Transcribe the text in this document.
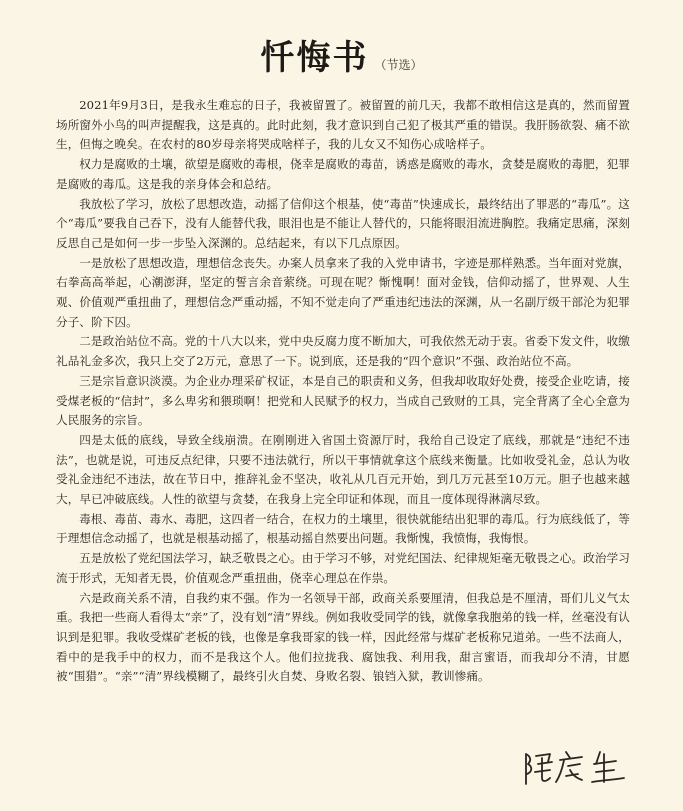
忏悔书 （节选）

2021年9月3日，是我永生难忘的日子，我被留置了。被留置的前几天，我都不敢相信这是真的，然而留置场所窗外小鸟的叫声提醒我，这是真的。此时此刻，我才意识到自己犯了极其严重的错误。我肝肠欲裂、痛不欲生，但悔之晚矣。在农村的80岁母亲将哭成啥样子，我的儿女又不知伤心成啥样子。

权力是腐败的土壤，欲望是腐败的毒根，侥幸是腐败的毒苗，诱惑是腐败的毒水，贪婪是腐败的毒肥，犯罪是腐败的毒瓜。这是我的亲身体会和总结。

我放松了学习，放松了思想改造，动摇了信仰这个根基，使“毒苗”快速成长，最终结出了罪恶的“毒瓜”。这个“毒瓜”要我自己吞下，没有人能替代我，眼泪也是不能让人替代的，只能将眼泪流进胸腔。我痛定思痛，深刻反思自己是如何一步一步坠入深渊的。总结起来，有以下几点原因。

一是放松了思想改造，理想信念丧失。办案人员拿来了我的入党申请书，字迹是那样熟悉。当年面对党旗，右拳高高举起，心潮澎湃，坚定的誓言余音萦绕。可现在呢？惭愧啊！面对金钱，信仰动摇了，世界观、人生观、价值观严重扭曲了，理想信念严重动摇，不知不觉走向了严重违纪违法的深渊，从一名副厅级干部沦为犯罪分子、阶下囚。

二是政治站位不高。党的十八大以来，党中央反腐力度不断加大，可我依然无动于衷。省委下发文件，收缴礼品礼金多次，我只上交了2万元，意思了一下。说到底，还是我的“四个意识”不强、政治站位不高。

三是宗旨意识淡漠。为企业办理采矿权证，本是自己的职责和义务，但我却收取好处费，接受企业吃请，接受煤老板的“信封”，多么卑劣和猥琐啊！把党和人民赋予的权力，当成自己致财的工具，完全背离了全心全意为人民服务的宗旨。

四是太低的底线，导致全线崩溃。在刚刚进入省国土资源厅时，我给自己设定了底线，那就是“违纪不违法”，也就是说，可违反点纪律，只要不违法就行，所以干事情就拿这个底线来衡量。比如收受礼金，总认为收受礼金违纪不违法，故在节日中，推辞礼金不坚决，收礼从几百元开始，到几万元甚至10万元。胆子也越来越大，早已冲破底线。人性的欲望与贪婪，在我身上完全印证和体现，而且一度体现得淋漓尽致。

毒根、毒苗、毒水、毒肥，这四者一结合，在权力的土壤里，很快就能结出犯罪的毒瓜。行为底线低了，等于理想信念动摇了，也就是根基动摇了，根基动摇自然要出问题。我惭愧，我愤悔，我悔恨。

五是放松了党纪国法学习，缺乏敬畏之心。由于学习不够，对党纪国法、纪律规矩毫无敬畏之心。政治学习流于形式，无知者无畏，价值观念严重扭曲，侥幸心理总在作祟。

六是政商关系不清，自我约束不强。作为一名领导干部，政商关系要厘清，但我总是不厘清，哥们儿义气太重。我把一些商人看得太“亲”了，没有划“清”界线。例如我收受同学的钱，就像拿我胞弟的钱一样，丝毫没有认识到是犯罪。我收受煤矿老板的钱，也像是拿我哥家的钱一样，因此经常与煤矿老板称兄道弟。一些不法商人，看中的是我手中的权力，而不是我这个人。他们拉拢我、腐蚀我、利用我，甜言蜜语，而我却分不清，甘愿被“围猎”。“亲”“清”界线模糊了，最终引火自焚、身败名裂、锒铛入狱，教训惨痛。
